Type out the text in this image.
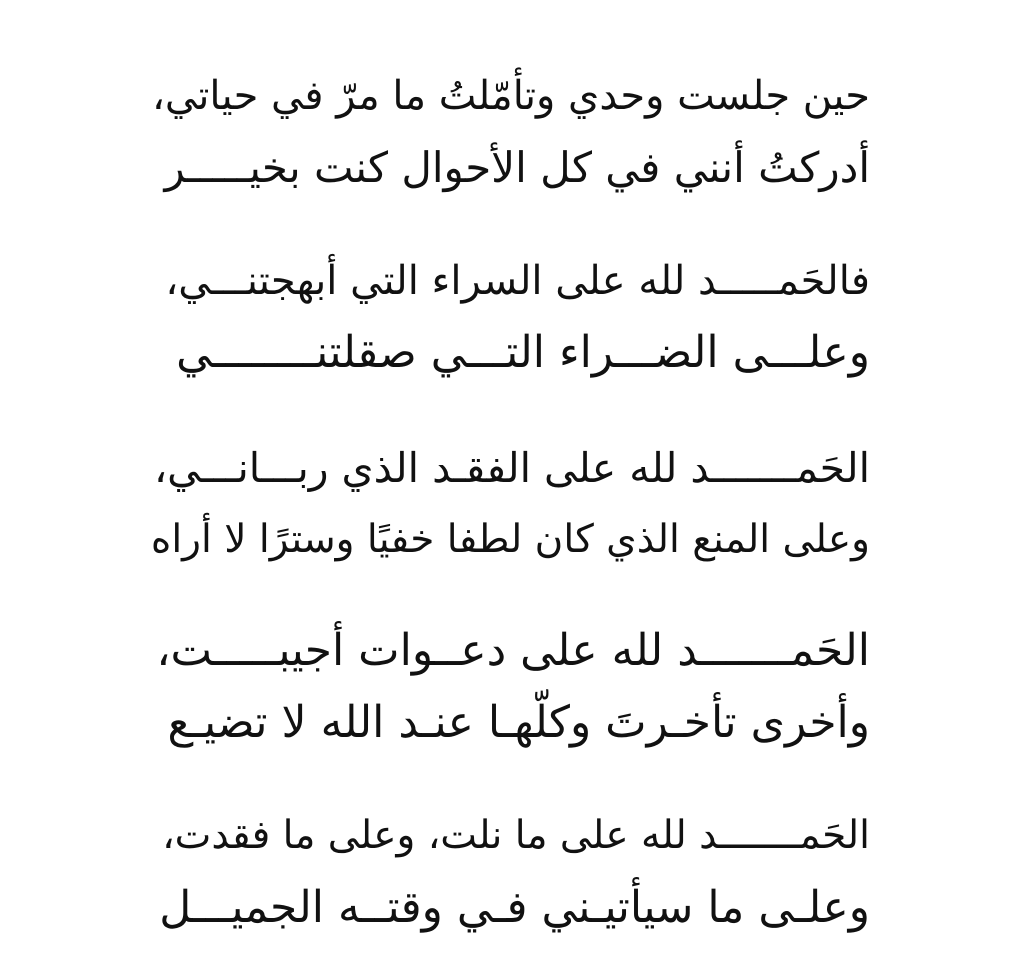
حين جلست وحدي وتأمّلتُ ما مرّ في حياتي،
أدركتُ أنني في كل الأحوال كنت بخيـــــر
فالحَمـــــد لله على السراء التي أبهجتنـــي،
وعلـــى الضـــراء التـــي صقلتنــــــــي
الحَمـــــــد لله على الفقـد الذي ربـــانـــي،
وعلى المنع الذي كان لطفا خفيًا وسترًا لا أراه
الحَمـــــــد لله على دعــوات أجيبـــــت،
وأخرى تأخـرتَ وكلّهـا عنـد الله لا تضيـع
الحَمـــــــد لله على ما نلت، وعلى ما فقدت،
وعلـى ما سيأتيـني فـي وقتــه الجميـــل
